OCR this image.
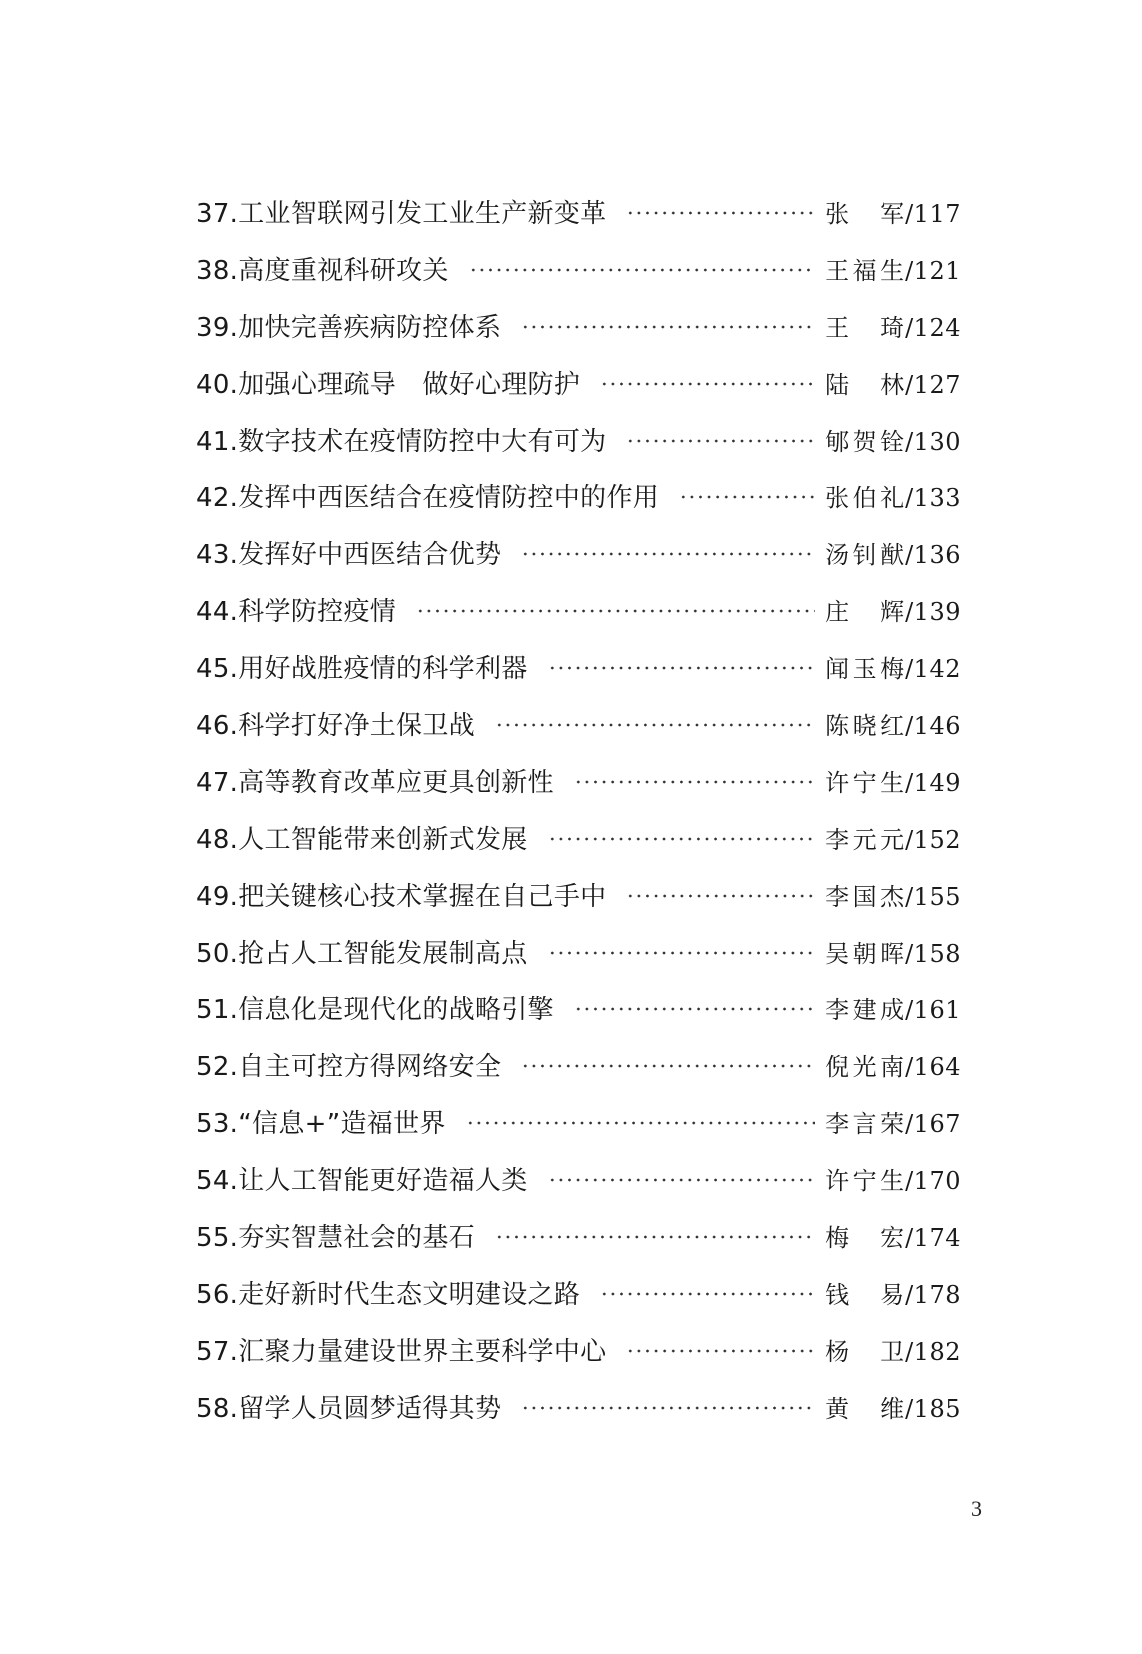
37.工业智联网引发工业生产新变革	张军 /117
38.高度重视科研攻关	王福生 /121
39.加快完善疾病防控体系	王琦 /124
40.加强心理疏导　做好心理防护	陆林 /127
41.数字技术在疫情防控中大有可为	郇贺铨 /130
42.发挥中西医结合在疫情防控中的作用	张伯礼 /133
43.发挥好中西医结合优势	汤钊猷 /136
44.科学防控疫情	庄辉 /139
45.用好战胜疫情的科学利器	闻玉梅 /142
46.科学打好净土保卫战	陈晓红 /146
47.高等教育改革应更具创新性	许宁生 /149
48.人工智能带来创新式发展	李元元 /152
49.把关键核心技术掌握在自己手中	李国杰 /155
50.抢占人工智能发展制高点	吴朝晖 /158
51.信息化是现代化的战略引擎	李建成 /161
52.自主可控方得网络安全	倪光南 /164
53.“信息+”造福世界	李言荣 /167
54.让人工智能更好造福人类	许宁生 /170
55.夯实智慧社会的基石	梅宏 /174
56.走好新时代生态文明建设之路	钱易 /178
57.汇聚力量建设世界主要科学中心	杨卫 /182
58.留学人员圆梦适得其势	黄维 /185
3
